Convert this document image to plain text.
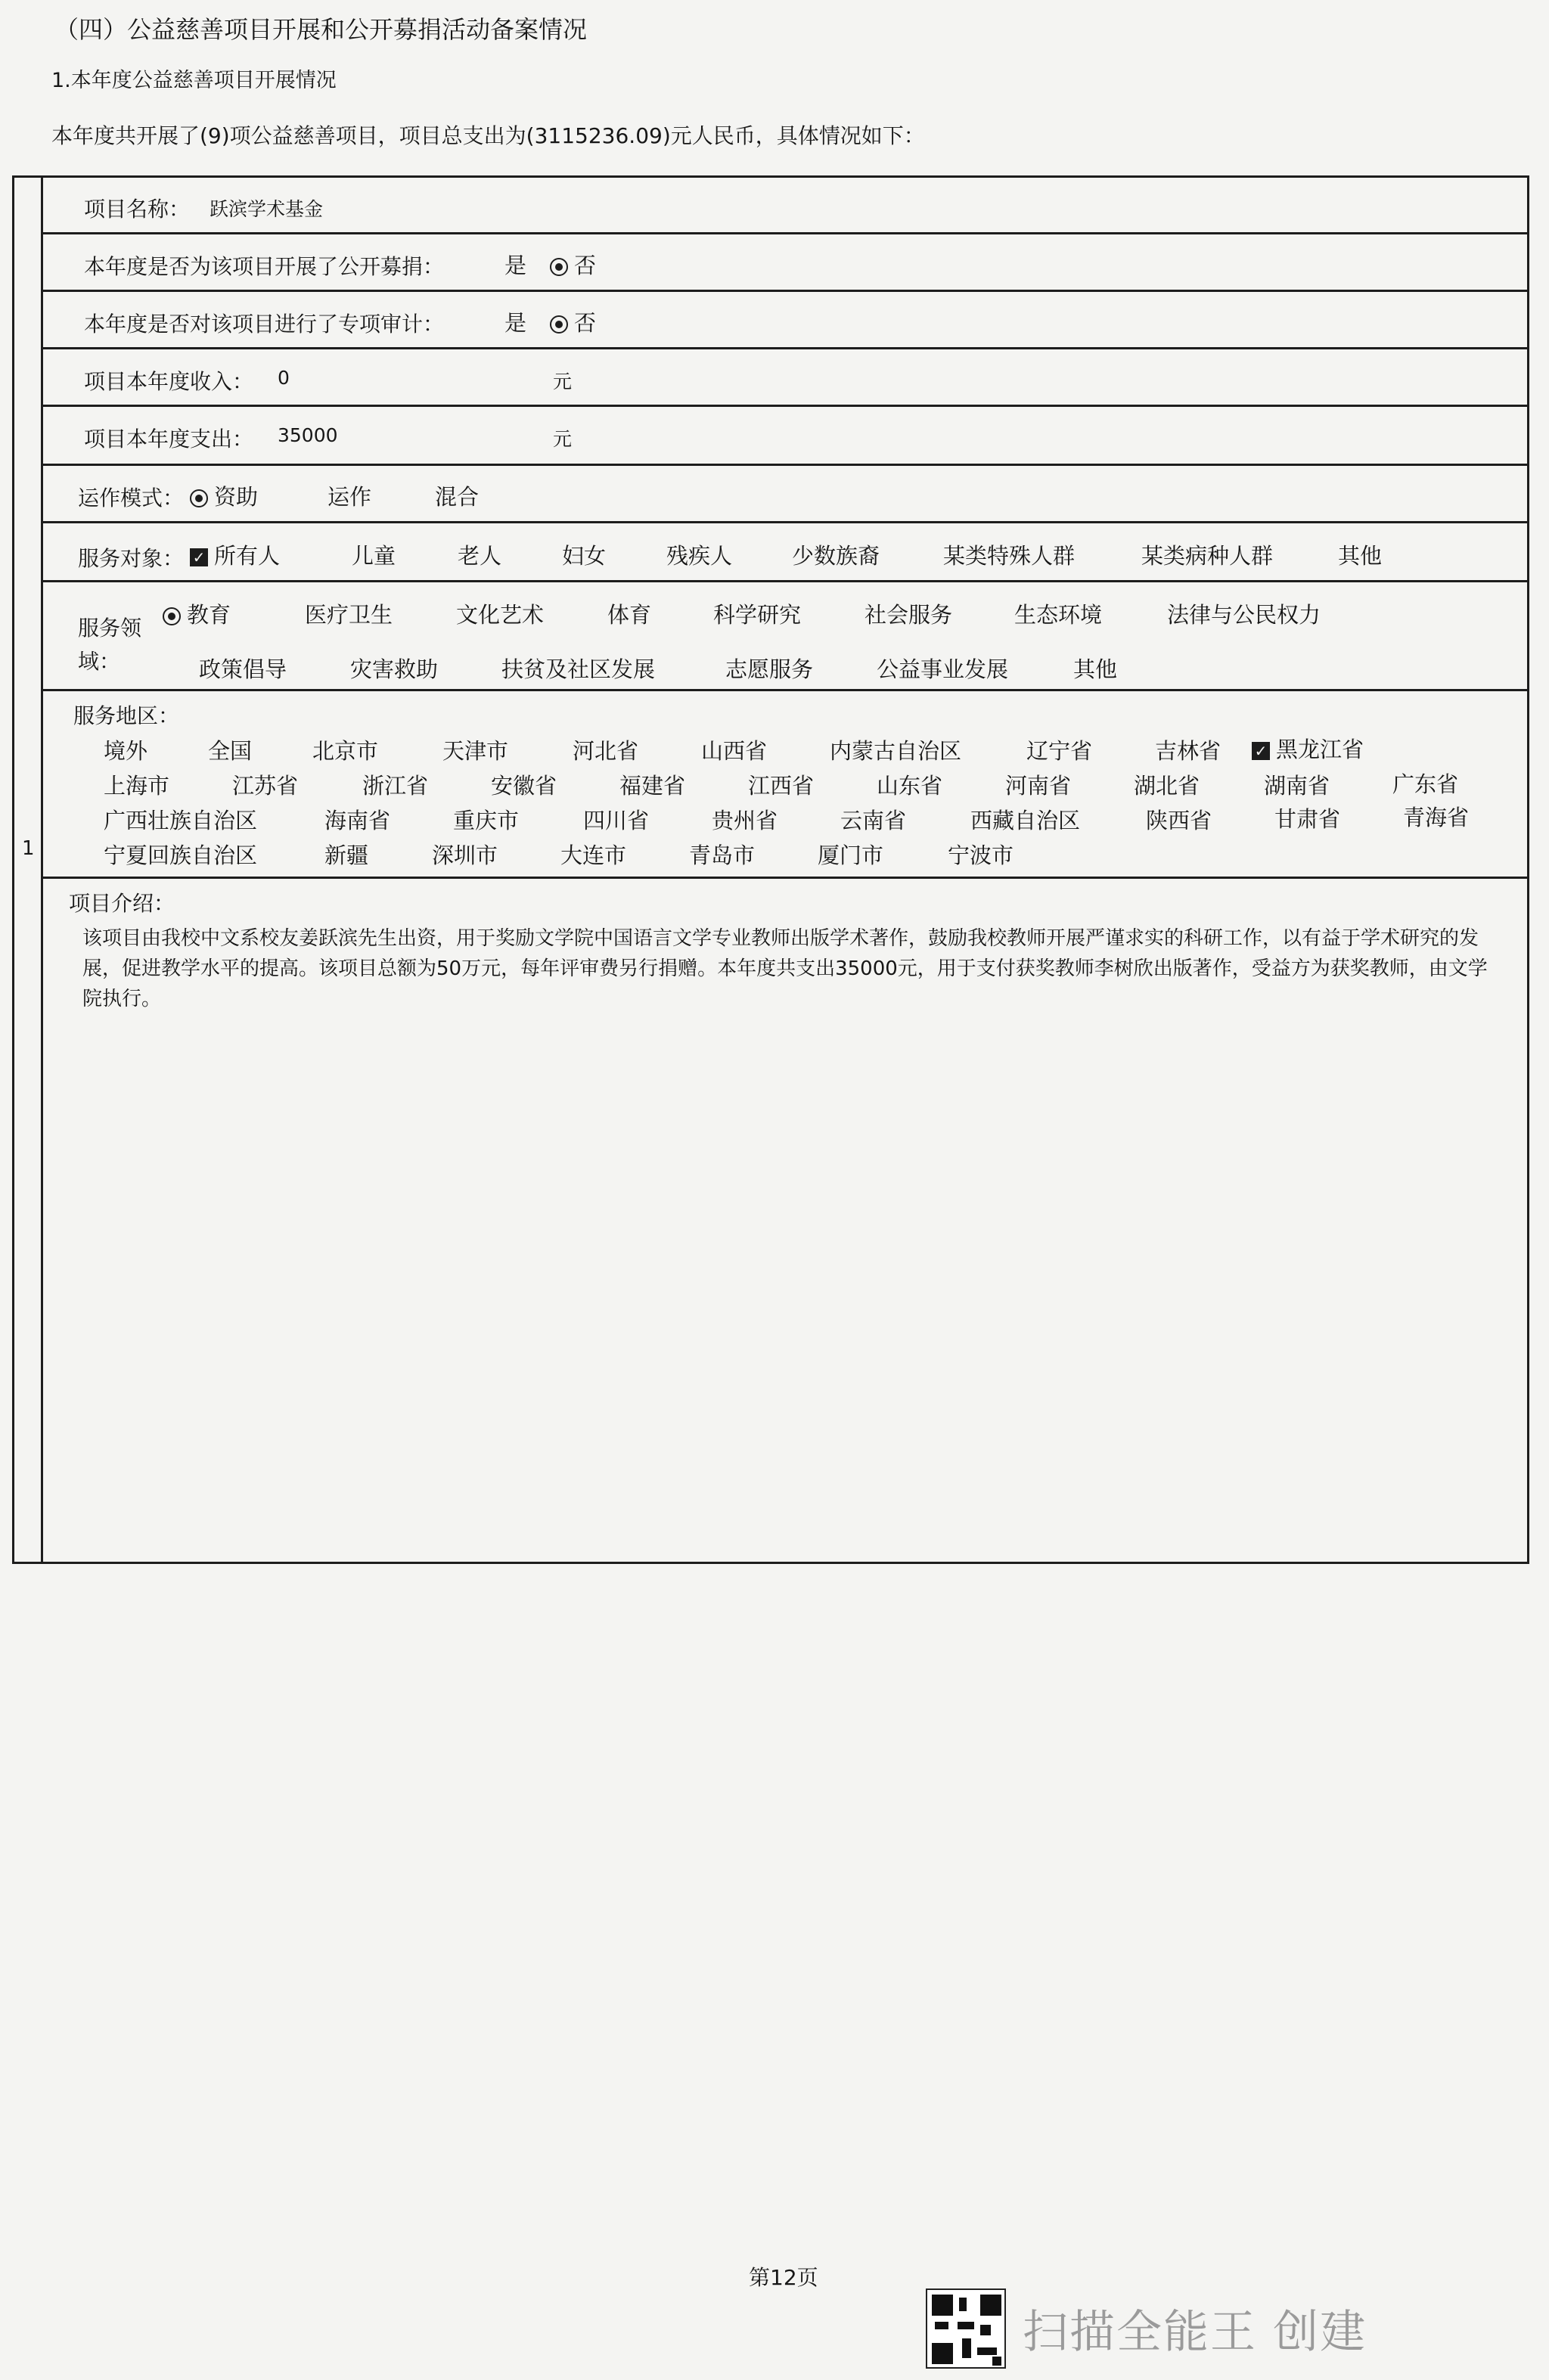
（四）公益慈善项目开展和公开募捐活动备案情况
1.本年度公益慈善项目开展情况
本年度共开展了(9)项公益慈善项目，项目总支出为(3115236.09)元人民币，具体情况如下：
1
项目名称： 跃滨学术基金
本年度是否为该项目开展了公开募捐：	是	否
本年度是否对该项目进行了专项审计：	是	否
项目本年度收入： 0	元
项目本年度支出： 35000	元
运作模式：	资助	运作	混合
服务对象： ✓ 所有人	儿童	老人	妇女	残疾人	少数族裔	某类特殊人群	某类病种人群	其他
服务领
域：
教育	医疗卫生	文化艺术	体育	科学研究	社会服务	生态环境	法律与公民权力
政策倡导	灾害救助	扶贫及社区发展	志愿服务	公益事业发展	其他
服务地区：
境外	全国	北京市	天津市	河北省	山西省	内蒙古自治区	辽宁省	吉林省 ✓ 黑龙江省
上海市	江苏省	浙江省	安徽省	福建省	江西省	山东省	河南省	湖北省	湖南省	广东省
广西壮族自治区	海南省	重庆市	四川省	贵州省	云南省	西藏自治区	陕西省	甘肃省	青海省
宁夏回族自治区	新疆	深圳市	大连市	青岛市	厦门市	宁波市
项目介绍：
该项目由我校中文系校友姜跃滨先生出资，用于奖励文学院中国语言文学专业教师出版学术著作，鼓励我校教师开展严谨求实的科研工作，以有益于学术研究的发展，促进教学水平的提高。该项目总额为50万元，每年评审费另行捐赠。本年度共支出35000元，用于支付获奖教师李树欣出版著作，受益方为获奖教师，由文学院执行。
第12页
扫描全能王 创建
